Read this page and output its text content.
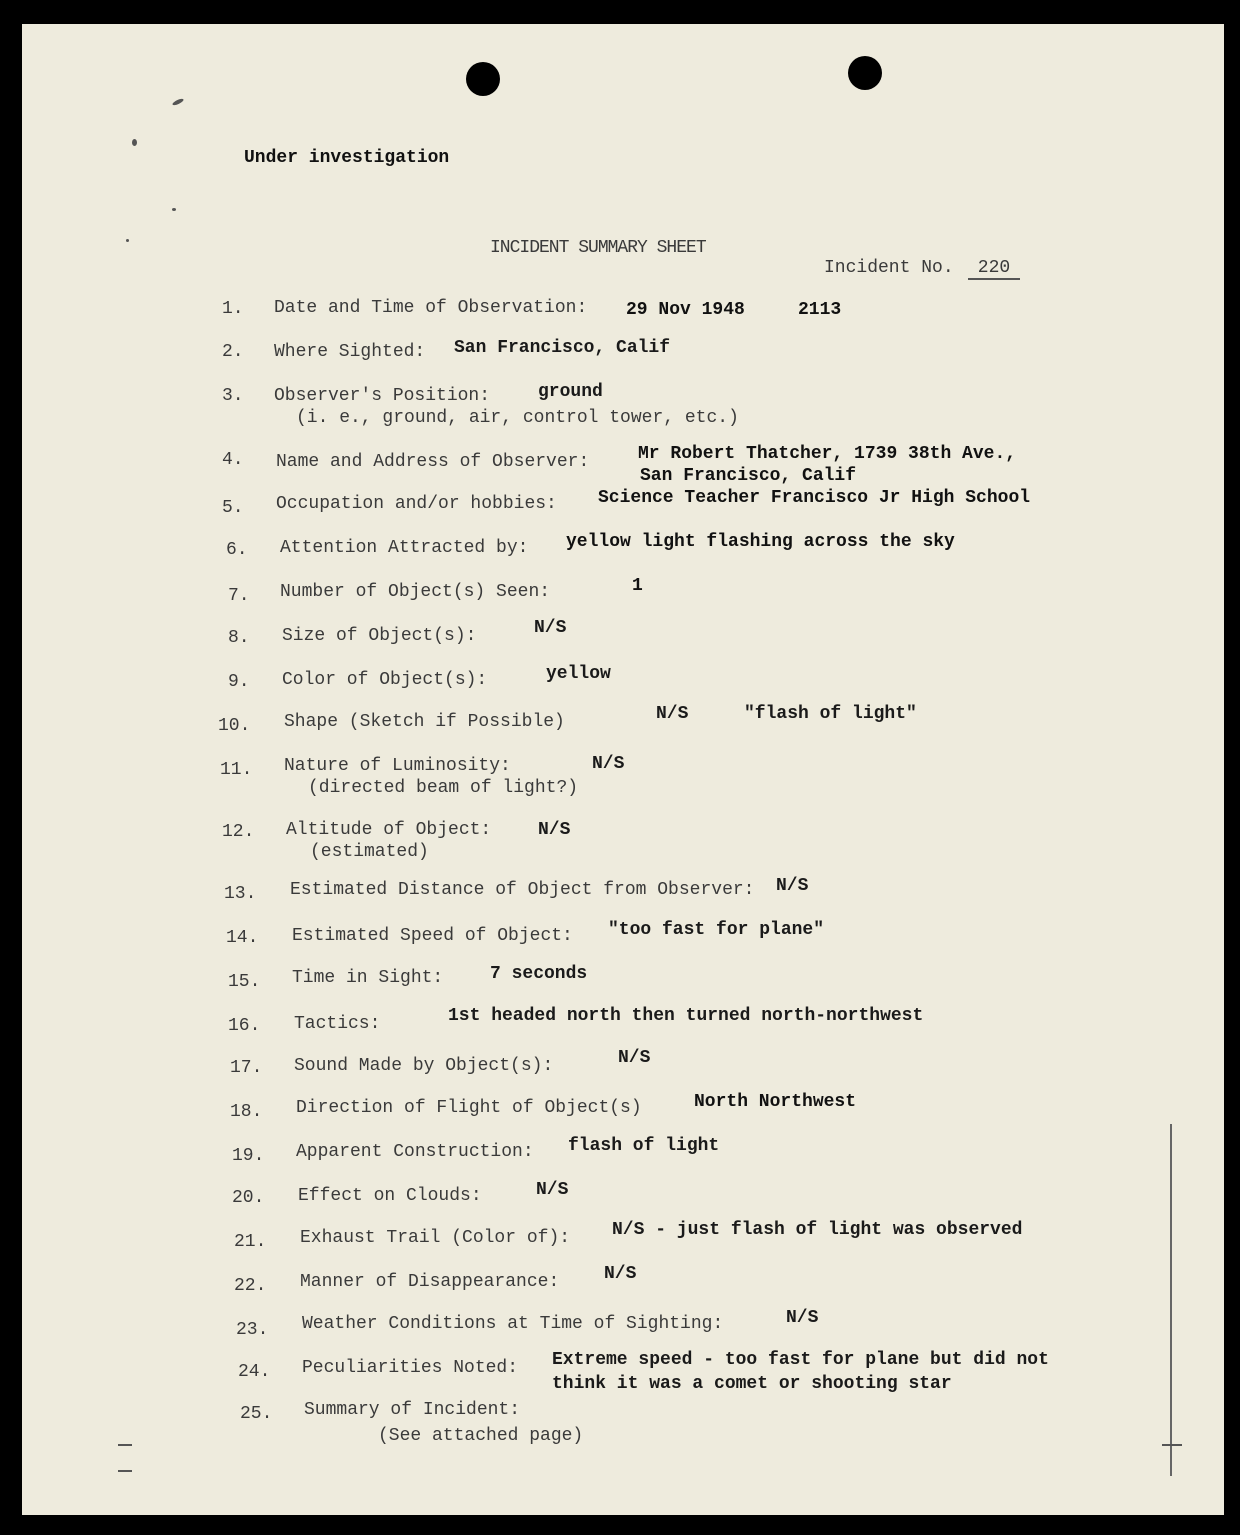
Under investigation
INCIDENT SUMMARY SHEET
Incident No.	220
1. Date and Time of Observation: 29 Nov 1948	2113
2. Where Sighted: San Francisco, Calif
3. Observer's Position:	ground
(i. e., ground, air, control tower, etc.)
4. Name and Address of Observer:	Mr Robert Thatcher, 1739 38th Ave.,
San Francisco, Calif
5. Occupation and/or hobbies: Science Teacher Francisco Jr High School
6. Attention Attracted by: yellow light flashing across the sky
7. Number of Object(s) Seen:	1
8. Size of Object(s):	N/S
9. Color of Object(s):	yellow
10. Shape (Sketch if Possible)	N/S	"flash of light"
11. Nature of Luminosity:	N/S
(directed beam of light?)
12. Altitude of Object:	N/S
(estimated)
13. Estimated Distance of Object from Observer: N/S
14. Estimated Speed of Object: "too fast for plane"
15. Time in Sight:	7 seconds
16. Tactics:	1st headed north then turned north-northwest
17. Sound Made by Object(s):	N/S
18. Direction of Flight of Object(s)	North Northwest
19. Apparent Construction: flash of light
20. Effect on Clouds:	N/S
21. Exhaust Trail (Color of): N/S - just flash of light was observed
22. Manner of Disappearance: N/S
23. Weather Conditions at Time of Sighting:	N/S
24. Peculiarities Noted: Extreme speed - too fast for plane but did not
think it was a comet or shooting star
25. Summary of Incident:
(See attached page)
